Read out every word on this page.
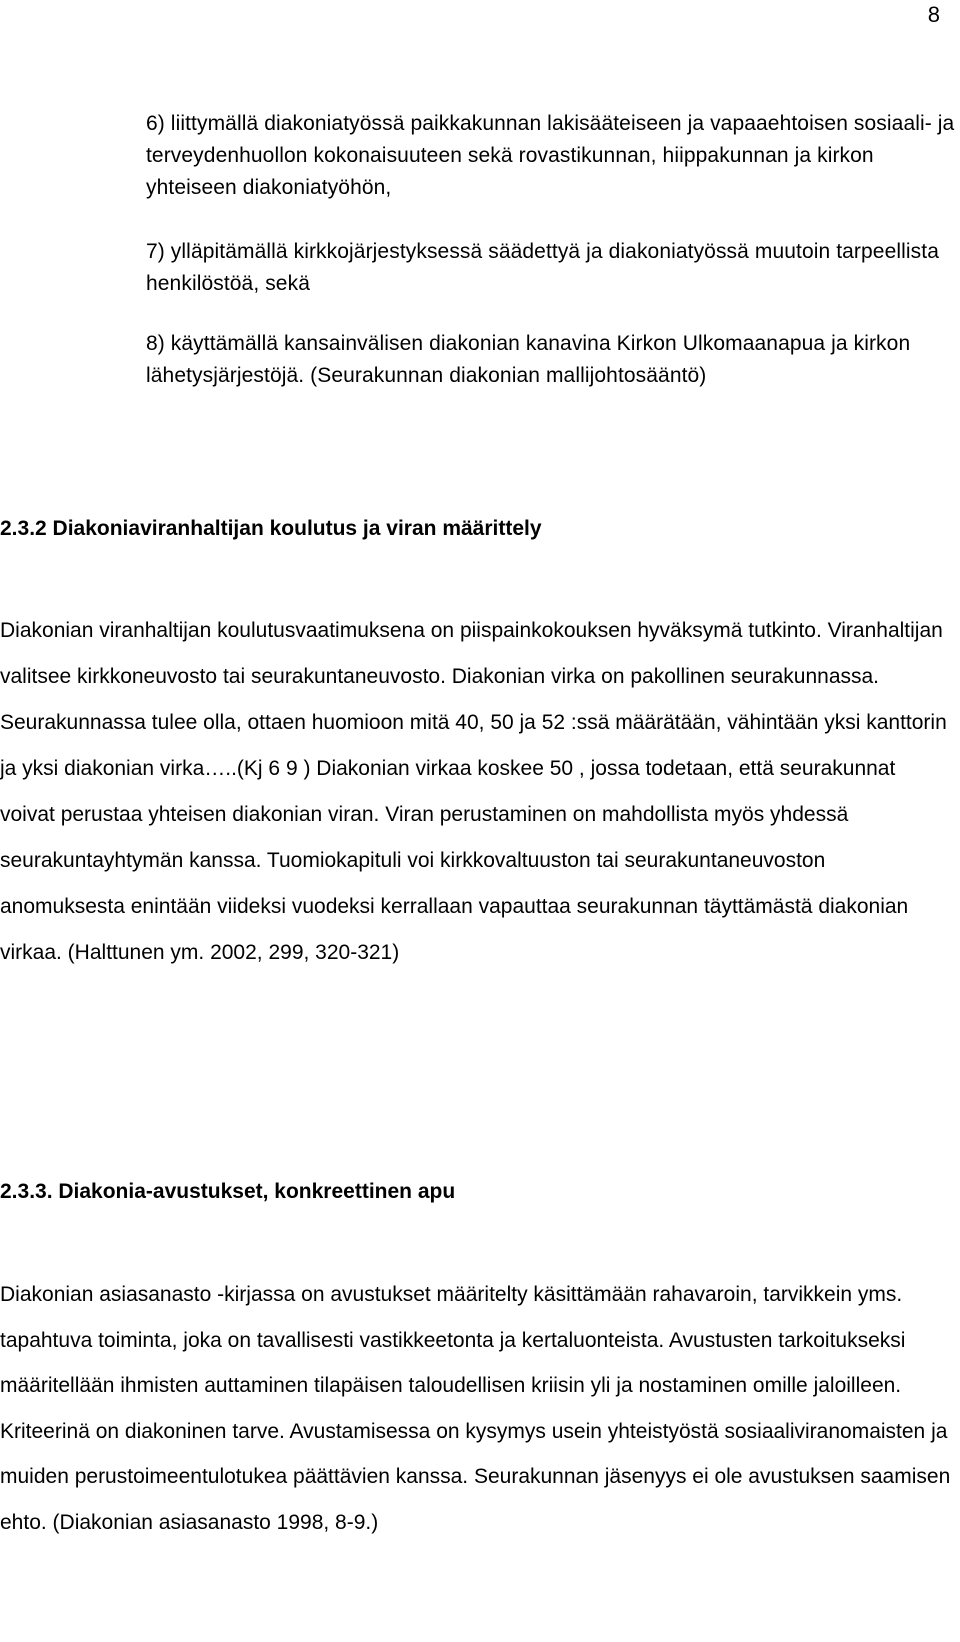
8

6) liittymällä diakoniatyössä paikkakunnan lakisääteiseen ja vapaaehtoisen sosiaali- ja terveydenhuollon kokonaisuuteen sekä rovastikunnan, hiippakunnan ja kirkon yhteiseen diakoniatyöhön,

7) ylläpitämällä kirkkojärjestyksessä säädettyä ja diakoniatyössä muutoin tarpeellista henkilöstöä, sekä

8) käyttämällä kansainvälisen diakonian kanavina Kirkon Ulkomaanapua ja kirkon lähetysjärjestöjä. (Seurakunnan diakonian mallijohtosääntö)

2.3.2 Diakoniaviranhaltijan koulutus ja viran määrittely

Diakonian viranhaltijan koulutusvaatimuksena on piispainkokouksen hyväksymä tutkinto. Viranhaltijan valitsee kirkkoneuvosto tai seurakuntaneuvosto. Diakonian virka on pakollinen seurakunnassa. Seurakunnassa tulee olla, ottaen huomioon mitä 40, 50 ja 52 :ssä määrätään, vähintään yksi kanttorin ja yksi diakonian virka…..(Kj 6 9 ) Diakonian virkaa koskee 50 , jossa todetaan, että seurakunnat voivat perustaa yhteisen diakonian viran. Viran perustaminen on mahdollista myös yhdessä seurakuntayhtymän kanssa. Tuomiokapituli voi kirkkovaltuuston tai seurakuntaneuvoston anomuksesta enintään viideksi vuodeksi kerrallaan vapauttaa seurakunnan täyttämästä diakonian virkaa. (Halttunen ym. 2002, 299, 320-321)

2.3.3. Diakonia-avustukset, konkreettinen apu

Diakonian asiasanasto -kirjassa on avustukset määritelty käsittämään rahavaroin, tarvikkein yms. tapahtuva toiminta, joka on tavallisesti vastikkeetonta ja kertaluonteista. Avustusten tarkoitukseksi määritellään ihmisten auttaminen tilapäisen taloudellisen kriisin yli ja nostaminen omille jaloilleen. Kriteerinä on diakoninen tarve. Avustamisessa on kysymys usein yhteistyöstä sosiaaliviranomaisten ja muiden perustoimeentulotukea päättävien kanssa. Seurakunnan jäsenyys ei ole avustuksen saamisen ehto. (Diakonian asiasanasto 1998, 8-9.)
